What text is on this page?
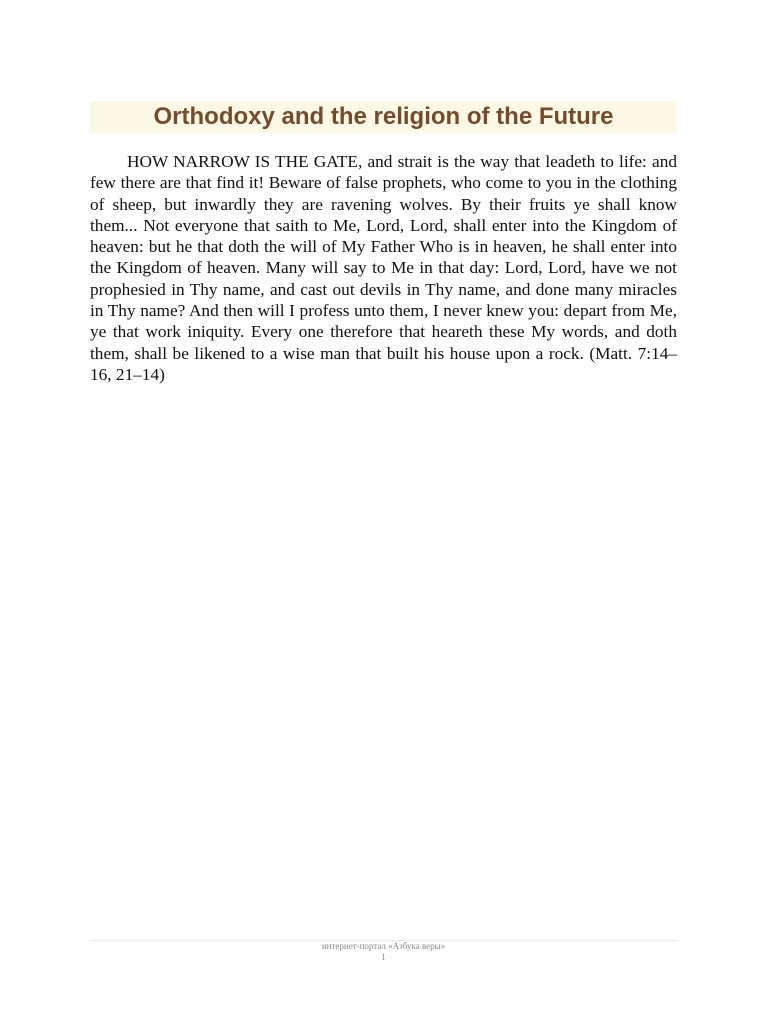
Orthodoxy and the religion of the Future

HOW NARROW IS THE GATE, and strait is the way that leadeth to life: and few there are that find it! Beware of false prophets, who come to you in the clothing of sheep, but inwardly they are ravening wolves. By their fruits ye shall know them... Not everyone that saith to Me, Lord, Lord, shall enter into the Kingdom of heaven: but he that doth the will of My Father Who is in heaven, he shall enter into the Kingdom of heaven. Many will say to Me in that day: Lord, Lord, have we not prophesied in Thy name, and cast out devils in Thy name, and done many miracles in Thy name? And then will I profess unto them, I never knew you: depart from Me, ye that work iniquity. Every one therefore that heareth these My words, and doth them, shall be likened to a wise man that built his house upon a rock. (Matt. 7:14–16, 21–14)

интернет-портал «Азбука веры»
1
